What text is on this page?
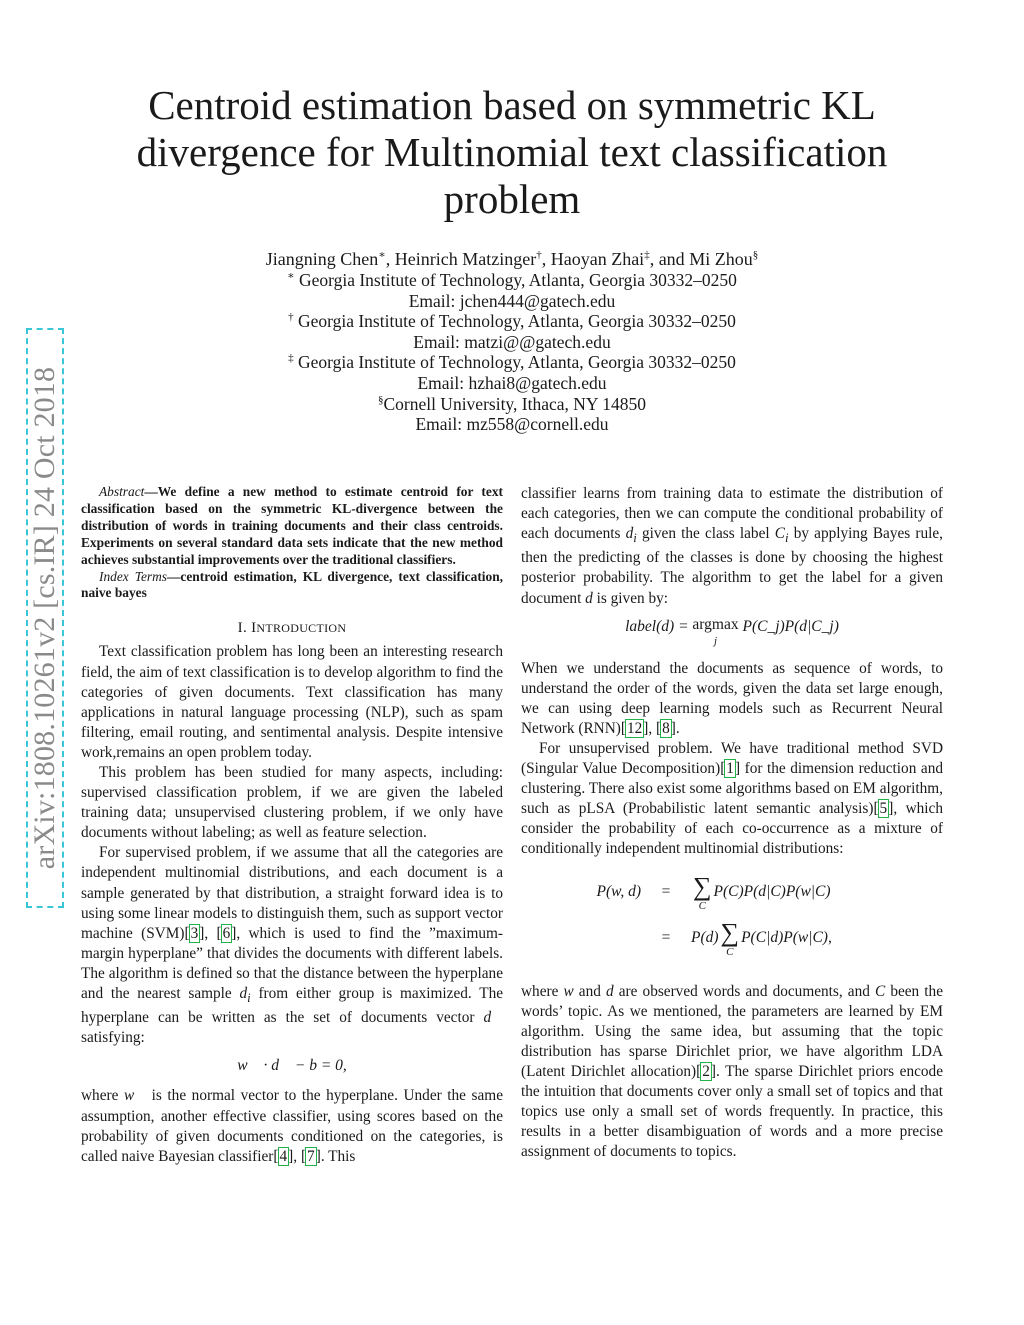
arXiv:1808.10261v2 [cs.IR] 24 Oct 2018
Centroid estimation based on symmetric KL divergence for Multinomial text classification problem
Jiangning Chen∗, Heinrich Matzinger†, Haoyan Zhai‡, and Mi Zhou§
∗ Georgia Institute of Technology, Atlanta, Georgia 30332–0250
Email: jchen444@gatech.edu
† Georgia Institute of Technology, Atlanta, Georgia 30332–0250
Email: matzi@@gatech.edu
‡ Georgia Institute of Technology, Atlanta, Georgia 30332–0250
Email: hzhai8@gatech.edu
§Cornell University, Ithaca, NY 14850
Email: mz558@cornell.edu

Abstract—We define a new method to estimate centroid for text classification based on the symmetric KL-divergence between the distribution of words in training documents and their class centroids. Experiments on several standard data sets indicate that the new method achieves substantial improvements over the traditional classifiers.

Index Terms—centroid estimation, KL divergence, text classification, naive bayes

I. INTRODUCTION

Text classification problem has long been an interesting research field, the aim of text classification is to develop algorithm to find the categories of given documents. Text classification has many applications in natural language processing (NLP), such as spam filtering, email routing, and sentimental analysis. Despite intensive work,remains an open problem today.

This problem has been studied for many aspects, including: supervised classification problem, if we are given the labeled training data; unsupervised clustering problem, if we only have documents without labeling; as well as feature selection.

For supervised problem, if we assume that all the categories are independent multinomial distributions, and each document is a sample generated by that distribution, a straight forward idea is to using some linear models to distinguish them, such as support vector machine (SVM)[3], [6], which is used to find the ”maximum-margin hyperplane” that divides the documents with different labels. The algorithm is defined so that the distance between the hyperplane and the nearest sample $d_i$ from either group is maximized. The hyperplane can be written as the set of documents vector d⃗ satisfying:

w⃗ · d⃗ − b = 0,

where w⃗ is the normal vector to the hyperplane. Under the same assumption, another effective classifier, using scores based on the probability of given documents conditioned on the categories, is called naive Bayesian classifier[4], [7]. This

classifier learns from training data to estimate the distribution of each categories, then we can compute the conditional probability of each documents $d_i$ given the class label $C_i$ by applying Bayes rule, then the predicting of the classes is done by choosing the highest posterior probability. The algorithm to get the label for a given document d is given by:

label(d) = argmax
j
P(C_j)P(d|C_j)

When we understand the documents as sequence of words, to understand the order of the words, given the data set large enough, we can using deep learning models such as Recurrent Neural Network (RNN)[12], [8].

For unsupervised problem. We have traditional method SVD (Singular Value Decomposition)[1] for the dimension reduction and clustering. There also exist some algorithms based on EM algorithm, such as pLSA (Probabilistic latent semantic analysis)[5], which consider the probability of each co-occurrence as a mixture of conditionally independent multinomial distributions:

P(w, d)	= ∑
C
P(C)P(d|C)P(w|C)
=	P(d) ∑
C
P(C|d)P(w|C),

where w and d are observed words and documents, and C been the words’ topic. As we mentioned, the parameters are learned by EM algorithm. Using the same idea, but assuming that the topic distribution has sparse Dirichlet prior, we have algorithm LDA (Latent Dirichlet allocation)[2]. The sparse Dirichlet priors encode the intuition that documents cover only a small set of topics and that topics use only a small set of words frequently. In practice, this results in a better disambiguation of words and a more precise assignment of documents to topics.
